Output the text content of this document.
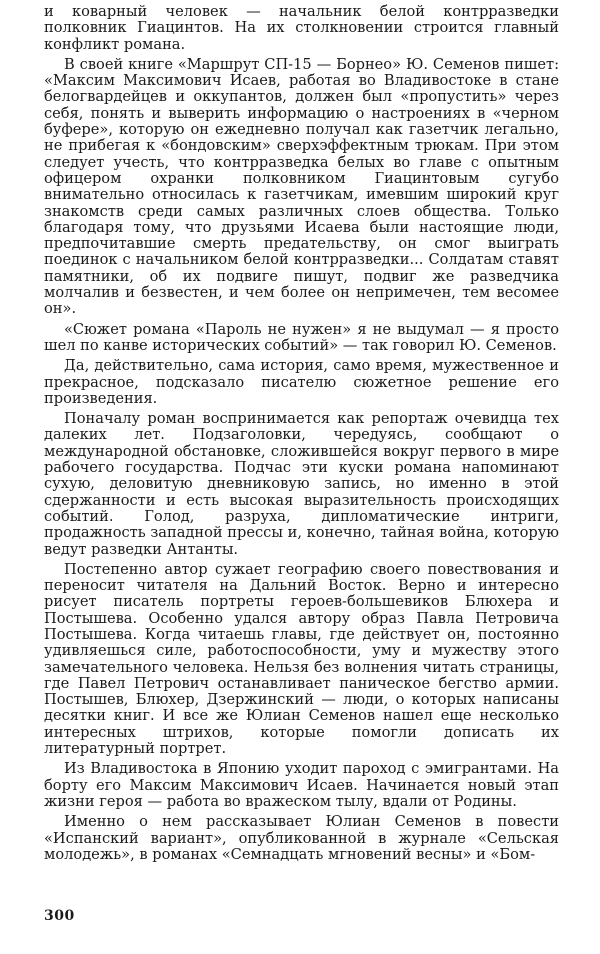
и коварный человек — начальник белой контрразведки полковник Гиацинтов. На их столкновении строится главный конфликт романа.

В своей книге «Маршрут СП-15 — Борнео» Ю. Семенов пишет: «Максим Максимович Исаев, работая во Владивостоке в стане белогвардейцев и оккупантов, должен был «пропустить» через себя, понять и выверить информацию о настроениях в «черном буфере», которую он ежедневно получал как газетчик легально, не прибегая к «бондовским» сверхэффектным трюкам. При этом следует учесть, что контрразведка белых во главе с опытным офицером охранки полковником Гиацинтовым сугубо внимательно относилась к газетчикам, имевшим широкий круг знакомств среди самых различных слоев общества. Только благодаря тому, что друзьями Исаева были настоящие люди, предпочитавшие смерть предательству, он смог выиграть поединок с начальником белой контрразведки... Солдатам ставят памятники, об их подвиге пишут, подвиг же разведчика молчалив и безвестен, и чем более он непримечен, тем весомее он».

«Сюжет романа «Пароль не нужен» я не выдумал — я просто шел по канве исторических событий» — так говорил Ю. Семенов.

Да, действительно, сама история, само время, мужественное и прекрасное, подсказало писателю сюжетное решение его произведения.

Поначалу роман воспринимается как репортаж очевидца тех далеких лет. Подзаголовки, чередуясь, сообщают о международной обстановке, сложившейся вокруг первого в мире рабочего государства. Подчас эти куски романа напоминают сухую, деловитую дневниковую запись, но именно в этой сдержанности и есть высокая выразительность происходящих событий. Голод, разруха, дипломатические интриги, продажность западной прессы и, конечно, тайная война, которую ведут разведки Антанты.

Постепенно автор сужает географию своего повествования и переносит читателя на Дальний Восток. Верно и интересно рисует писатель портреты героев-большевиков Блюхера и Постышева. Особенно удался автору образ Павла Петровича Постышева. Когда читаешь главы, где действует он, постоянно удивляешься силе, работоспособности, уму и мужеству этого замечательного человека. Нельзя без волнения читать страницы, где Павел Петрович останавливает паническое бегство армии. Постышев, Блюхер, Дзержинский — люди, о которых написаны десятки книг. И все же Юлиан Семенов нашел еще несколько интересных штрихов, которые помогли дописать их литературный портрет.

Из Владивостока в Японию уходит пароход с эмигрантами. На борту его Максим Максимович Исаев. Начинается новый этап жизни героя — работа во вражеском тылу, вдали от Родины.

Именно о нем рассказывает Юлиан Семенов в повести «Испанский вариант», опубликованной в журнале «Сельская молодежь», в романах «Семнадцать мгновений весны» и «Бом-

300
